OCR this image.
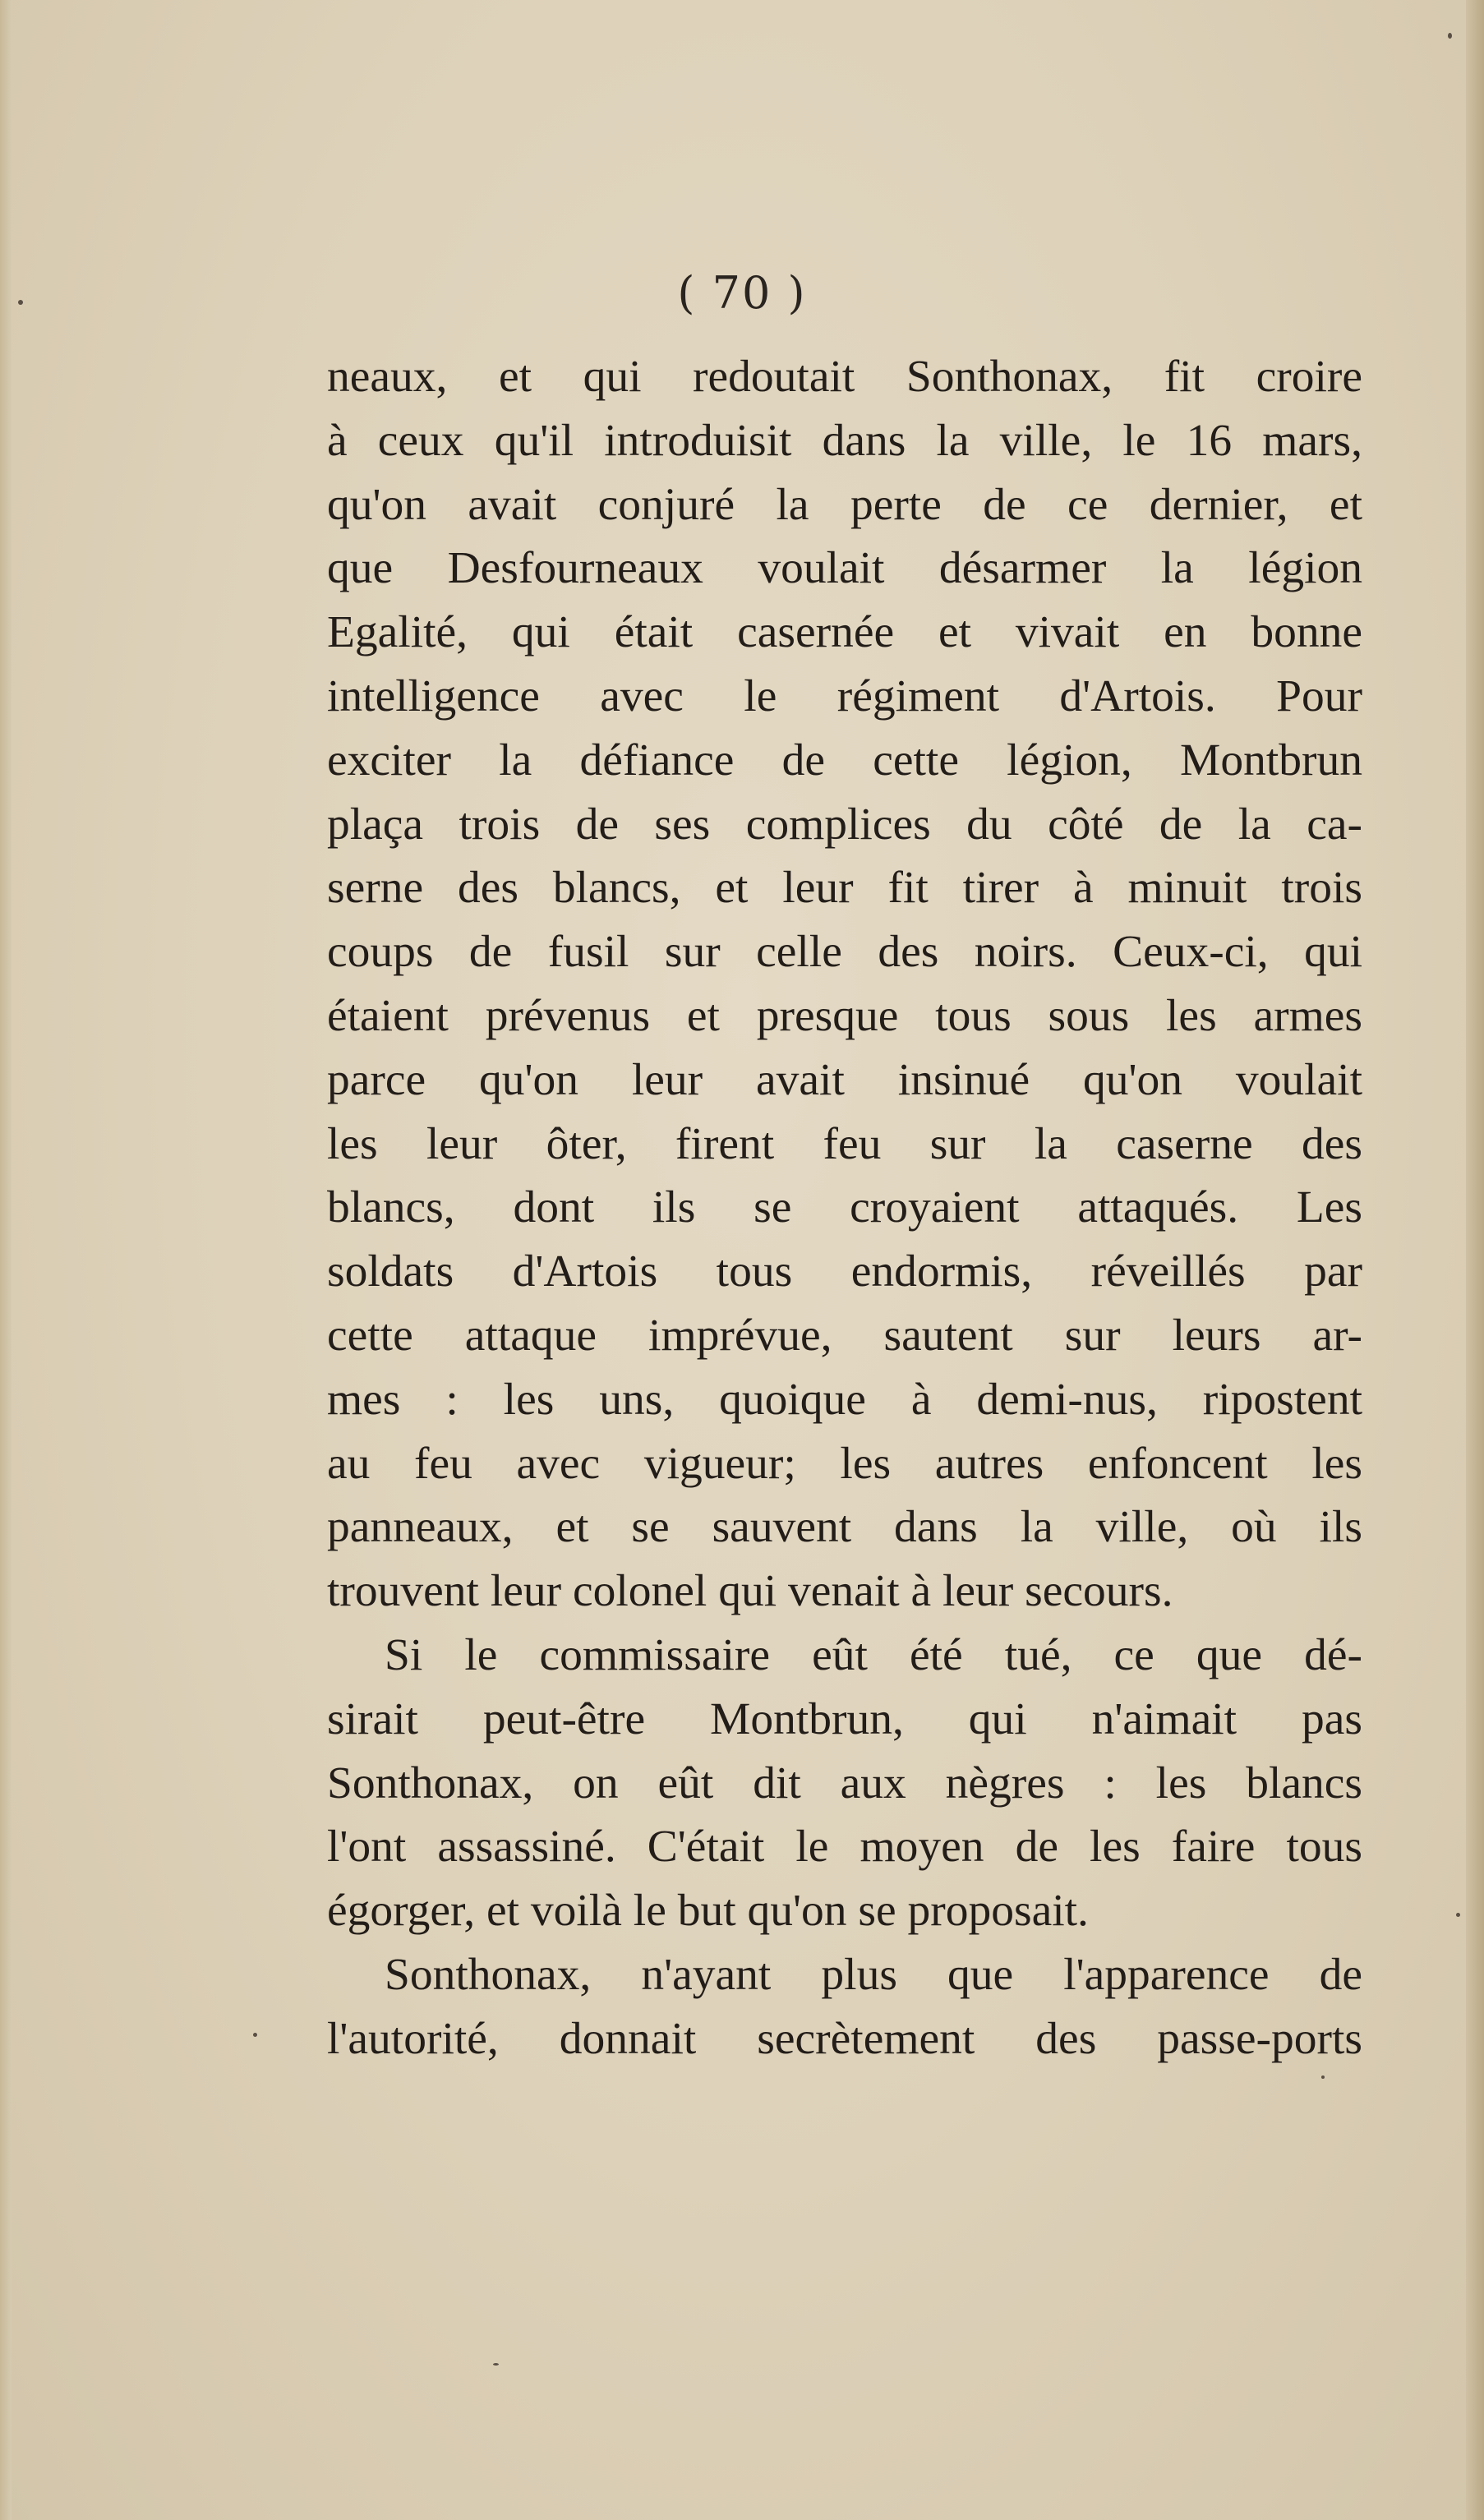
( 70 )
neaux, et qui redoutait Sonthonax, fit croire
à ceux qu'il introduisit dans la ville, le 16 mars,
qu'on avait conjuré la perte de ce dernier, et
que Desfourneaux voulait désarmer la légion
Egalité, qui était casernée et vivait en bonne
intelligence avec le régiment d'Artois. Pour
exciter la défiance de cette légion, Montbrun
plaça trois de ses complices du côté de la ca-
serne des blancs, et leur fit tirer à minuit trois
coups de fusil sur celle des noirs. Ceux-ci, qui
étaient prévenus et presque tous sous les armes
parce qu'on leur avait insinué qu'on voulait
les leur ôter, firent feu sur la caserne des
blancs, dont ils se croyaient attaqués. Les
soldats d'Artois tous endormis, réveillés par
cette attaque imprévue, sautent sur leurs ar-
mes : les uns, quoique à demi-nus, ripostent
au feu avec vigueur; les autres enfoncent les
panneaux, et se sauvent dans la ville, où ils
trouvent leur colonel qui venait à leur secours.
Si le commissaire eût été tué, ce que dé-
sirait peut-être Montbrun, qui n'aimait pas
Sonthonax, on eût dit aux nègres : les blancs
l'ont assassiné. C'était le moyen de les faire tous
égorger, et voilà le but qu'on se proposait.
Sonthonax, n'ayant plus que l'apparence de
l'autorité, donnait secrètement des passe-ports
